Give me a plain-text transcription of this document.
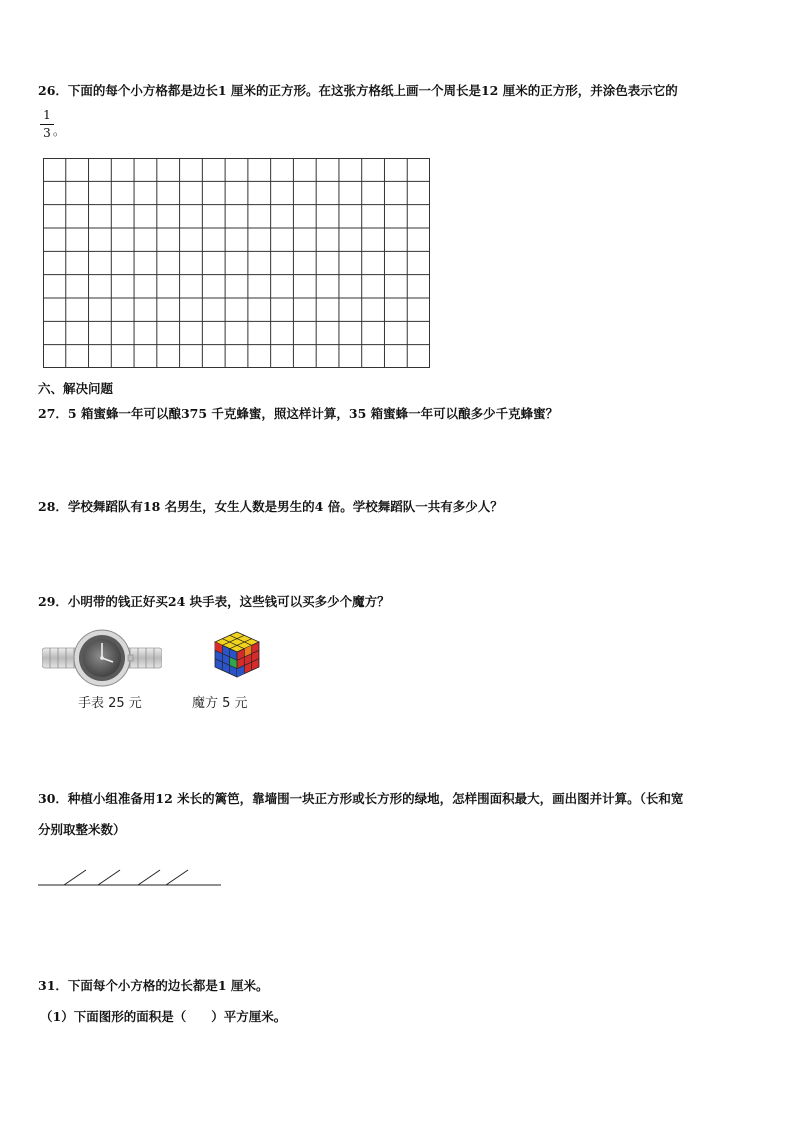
26．下面的每个小方格都是边长1 厘米的正方形。在这张方格纸上画一个周长是12 厘米的正方形，并涂色表示它的
1
3 。
六、解决问题
27．5 箱蜜蜂一年可以酿375 千克蜂蜜，照这样计算，35 箱蜜蜂一年可以酿多少千克蜂蜜？
28．学校舞蹈队有18 名男生，女生人数是男生的4 倍。学校舞蹈队一共有多少人？
29．小明带的钱正好买24 块手表，这些钱可以买多少个魔方？
手表 25 元	魔方 5 元
30．种植小组准备用12 米长的篱笆，靠墙围一块正方形或长方形的绿地，怎样围面积最大，画出图并计算。（长和宽
分别取整米数）
31．下面每个小方格的边长都是1 厘米。
（1）下面图形的面积是（　　）平方厘米。
